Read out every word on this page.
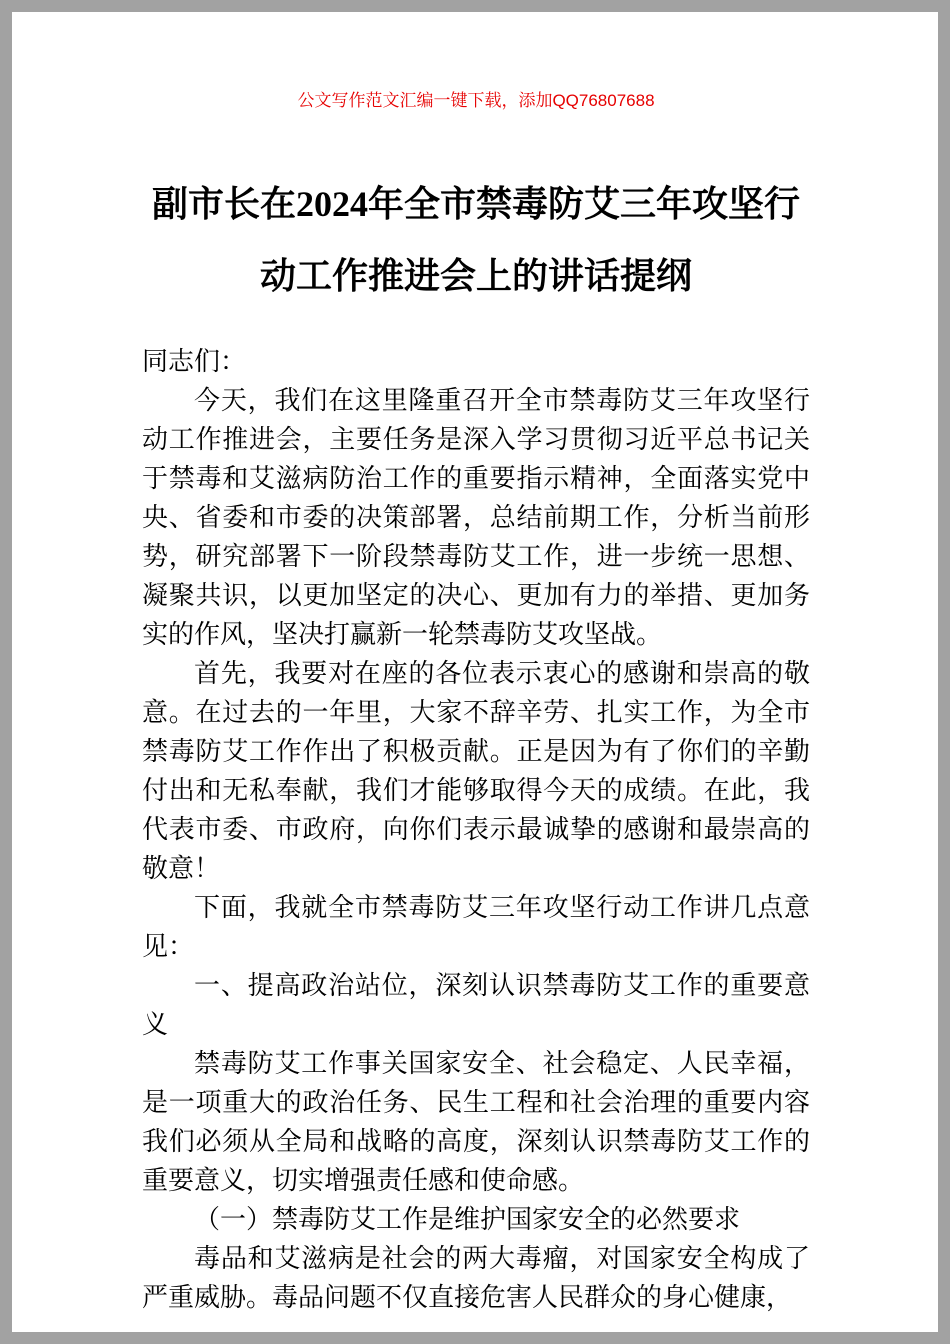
公文写作范文汇编一键下载，添加QQ76807688
副市长在2024年全市禁毒防艾三年攻坚行动工作推进会上的讲话提纲

同志们：

今天，我们在这里隆重召开全市禁毒防艾三年攻坚行动工作推进会，主要任务是深入学习贯彻习近平总书记关于禁毒和艾滋病防治工作的重要指示精神，全面落实党中央、省委和市委的决策部署，总结前期工作，分析当前形势，研究部署下一阶段禁毒防艾工作，进一步统一思想、凝聚共识，以更加坚定的决心、更加有力的举措、更加务实的作风，坚决打赢新一轮禁毒防艾攻坚战。

首先，我要对在座的各位表示衷心的感谢和崇高的敬意。在过去的一年里，大家不辞辛劳、扎实工作，为全市禁毒防艾工作作出了积极贡献。正是因为有了你们的辛勤付出和无私奉献，我们才能够取得今天的成绩。在此，我代表市委、市政府，向你们表示最诚挚的感谢和最崇高的敬意！

下面，我就全市禁毒防艾三年攻坚行动工作讲几点意见：

一、提高政治站位，深刻认识禁毒防艾工作的重要意义

禁毒防艾工作事关国家安全、社会稳定、人民幸福，是一项重大的政治任务、民生工程和社会治理的重要内容我们必须从全局和战略的高度，深刻认识禁毒防艾工作的重要意义，切实增强责任感和使命感。

（一）禁毒防艾工作是维护国家安全的必然要求

毒品和艾滋病是社会的两大毒瘤，对国家安全构成了严重威胁。毒品问题不仅直接危害人民群众的身心健康，
